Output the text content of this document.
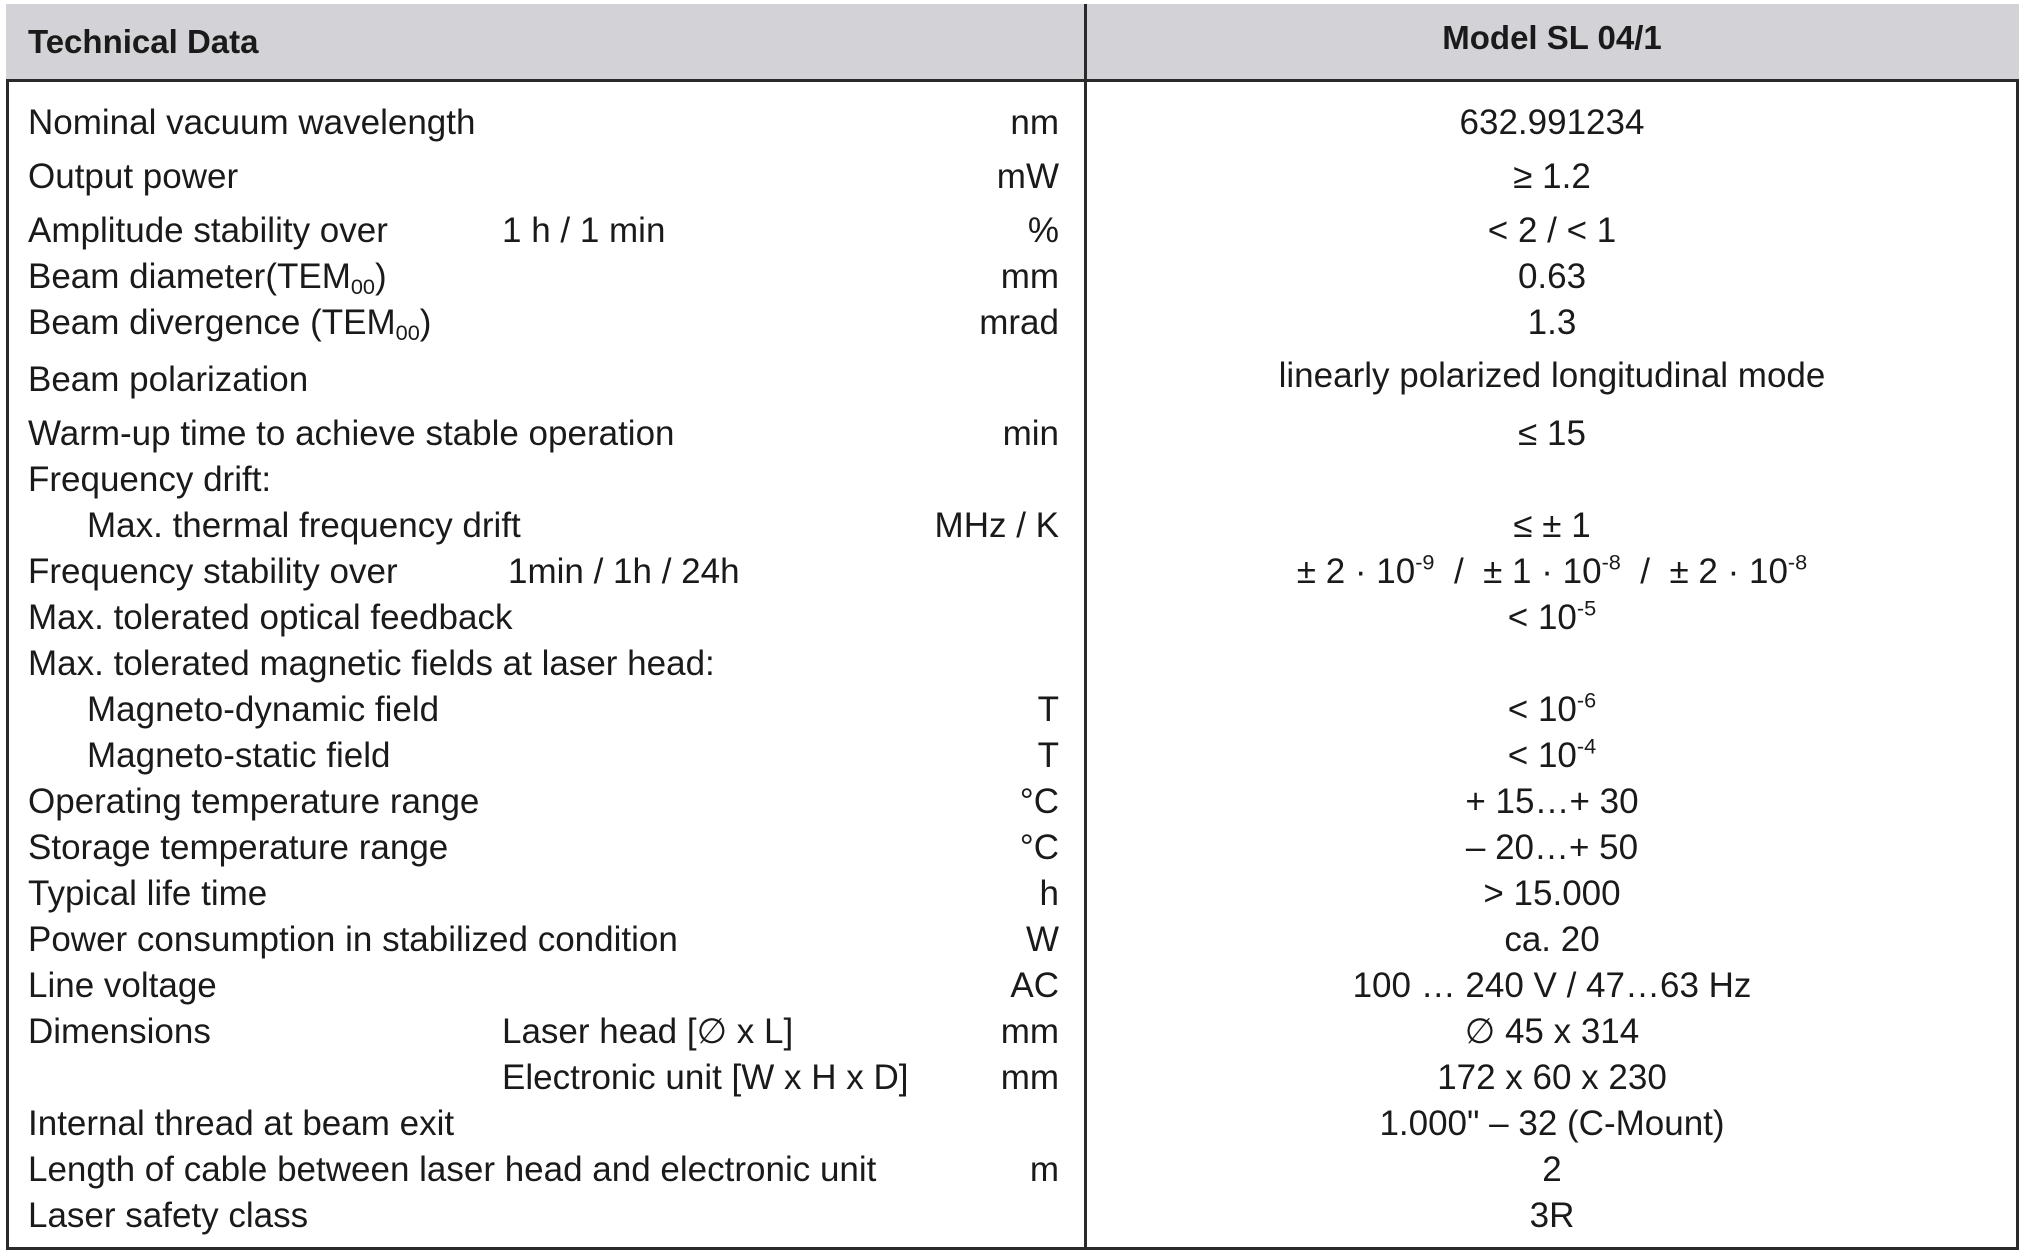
Technical Data	Model SL 04/1
Nominal vacuum wavelength	nm	632.991234
Output power	mW	≥ 1.2
Amplitude stability over	1 h / 1 min	%	< 2 / < 1
Beam $diameter(TEM_{00})$	mm	0.63
Beam divergence $(TEM_{00})$	mrad	1.3
Beam polarization	linearly polarized longitudinal mode
Warm-up time to achieve stable operation	min	≤ 15
Frequency drift:
Max. thermal frequency drift	MHz / K	≤ ± 1
Frequency stability over	1min / 1h / 24h	± $2 \cdot 10^{-9}$  /  ± $1 \cdot 10^{-8}$  /  ± $2 \cdot 10^{-8}$
Max. tolerated optical feedback	< $10^{-5}$
Max. tolerated magnetic fields at laser head:
Magneto-dynamic field	T	< $10^{-6}$
Magneto-static field	T	< $10^{-4}$
Operating temperature range	°C	+ 15…+ 30
Storage temperature range	°C	– 20…+ 50
Typical life time	h	> 15.000
Power consumption in stabilized condition	W	ca. 20
Line voltage	AC	100 … 240 V / 47…63 Hz
Dimensions	Laser head [∅ x L]	mm	∅ 45 x 314
Electronic unit [W x H x D]	mm	172 x 60 x 230
Internal thread at beam exit	1.000" – 32 (C-Mount)
Length of cable between laser head and electronic unit	m	2
Laser safety class	3R
